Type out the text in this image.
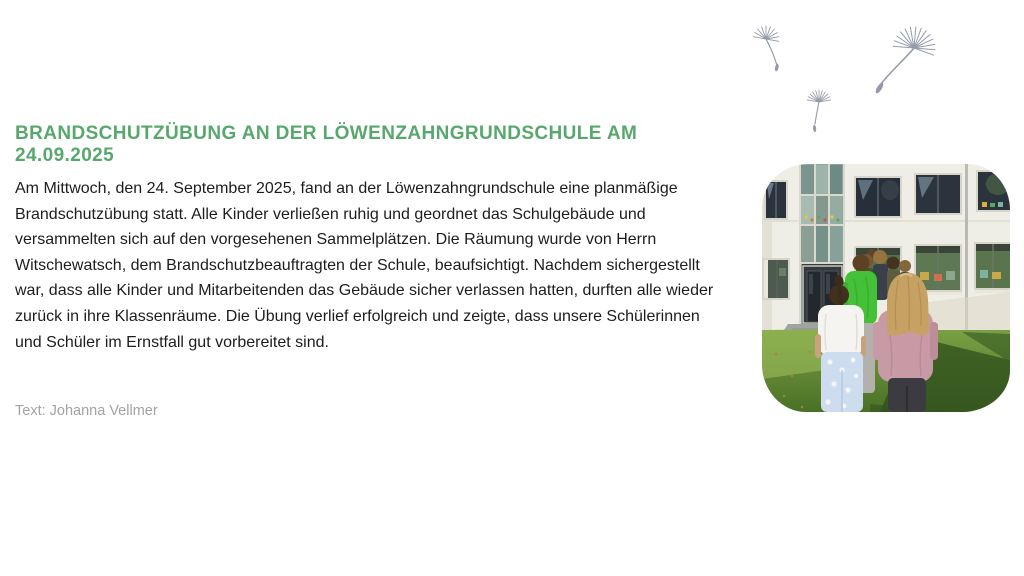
BRANDSCHUTZÜBUNG AN DER LÖWENZAHNGRUNDSCHULE AM 24.09.2025

Am Mittwoch, den 24. September 2025, fand an der Löwenzahngrundschule eine planmäßige Brandschutzübung statt. Alle Kinder verließen ruhig und geordnet das Schulgebäude und versammelten sich auf den vorgesehenen Sammelplätzen. Die Räumung wurde von Herrn Witschewatsch, dem Brandschutzbeauftragten der Schule, beaufsichtigt. Nachdem sichergestellt war, dass alle Kinder und Mitarbeitenden das Gebäude sicher verlassen hatten, durften alle wieder zurück in ihre Klassenräume. Die Übung verlief erfolgreich und zeigte, dass unsere Schülerinnen und Schüler im Ernstfall gut vorbereitet sind.

Text: Johanna Vellmer
